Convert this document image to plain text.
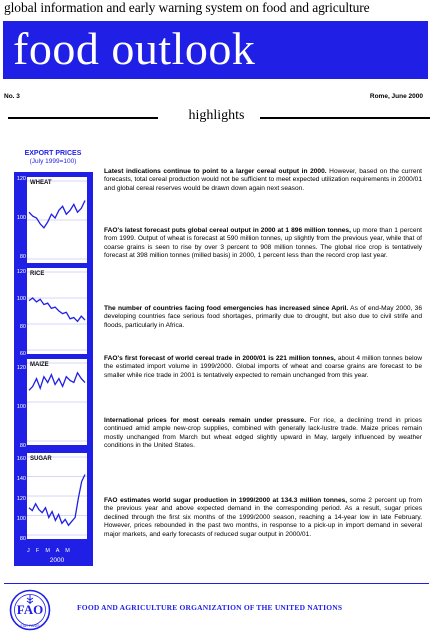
global information and early warning system on food and agriculture
food outlook
No. 3	Rome, June 2000
highlights
EXPORT PRICES
(July 1999=100)
120
100
80
WHEAT
120
100
80
60
RICE
120
100
80
MAIZE
160
140
120
100
80
SUGAR
J F M A M
2000
Latest indications continue to point to a larger cereal output in 2000. However, based on the current forecasts, total cereal production would not be sufficient to meet expected utilization requirements in 2000/01 and global cereal reserves would be drawn down again next season.
FAO's latest forecast puts global cereal output in 2000 at 1 896 million tonnes, up more than 1 percent from 1999. Output of wheat is forecast at 590 million tonnes, up slightly from the previous year, while that of coarse grains is seen to rise by over 3 percent to 908 million tonnes. The global rice crop is tentatively forecast at 398 million tonnes (milled basis) in 2000, 1 percent less than the record crop last year.
The number of countries facing food emergencies has increased since April. As of end-May 2000, 36 developing countries face serious food shortages, primarily due to drought, but also due to civil strife and floods, particularly in Africa.
FAO's first forecast of world cereal trade in 2000/01 is 221 million tonnes, about 4 million tonnes below the estimated import volume in 1999/2000. Global imports of wheat and coarse grains are forecast to be smaller while rice trade in 2001 is tentatively expected to remain unchanged from this year.
International prices for most cereals remain under pressure. For rice, a declining trend in prices continued amid ample new-crop supplies, combined with generally lack-lustre trade. Maize prices remain mostly unchanged from March but wheat edged slightly upward in May, largely influenced by weather conditions in the United States.
FAO estimates world sugar production in 1999/2000 at 134.3 million tonnes, some 2 percent up from the previous year and above expected demand in the corresponding period. As a result, sugar prices declined through the first six months of the 1999/2000 season, reaching a 14-year low in late February. However, prices rebounded in the past two months, in response to a pick-up in import demand in several major markets, and early forecasts of reduced sugar output in 2000/01.
FAO
FIAT PANIS
FOOD AND AGRICULTURE ORGANIZATION OF THE UNITED NATIONS
